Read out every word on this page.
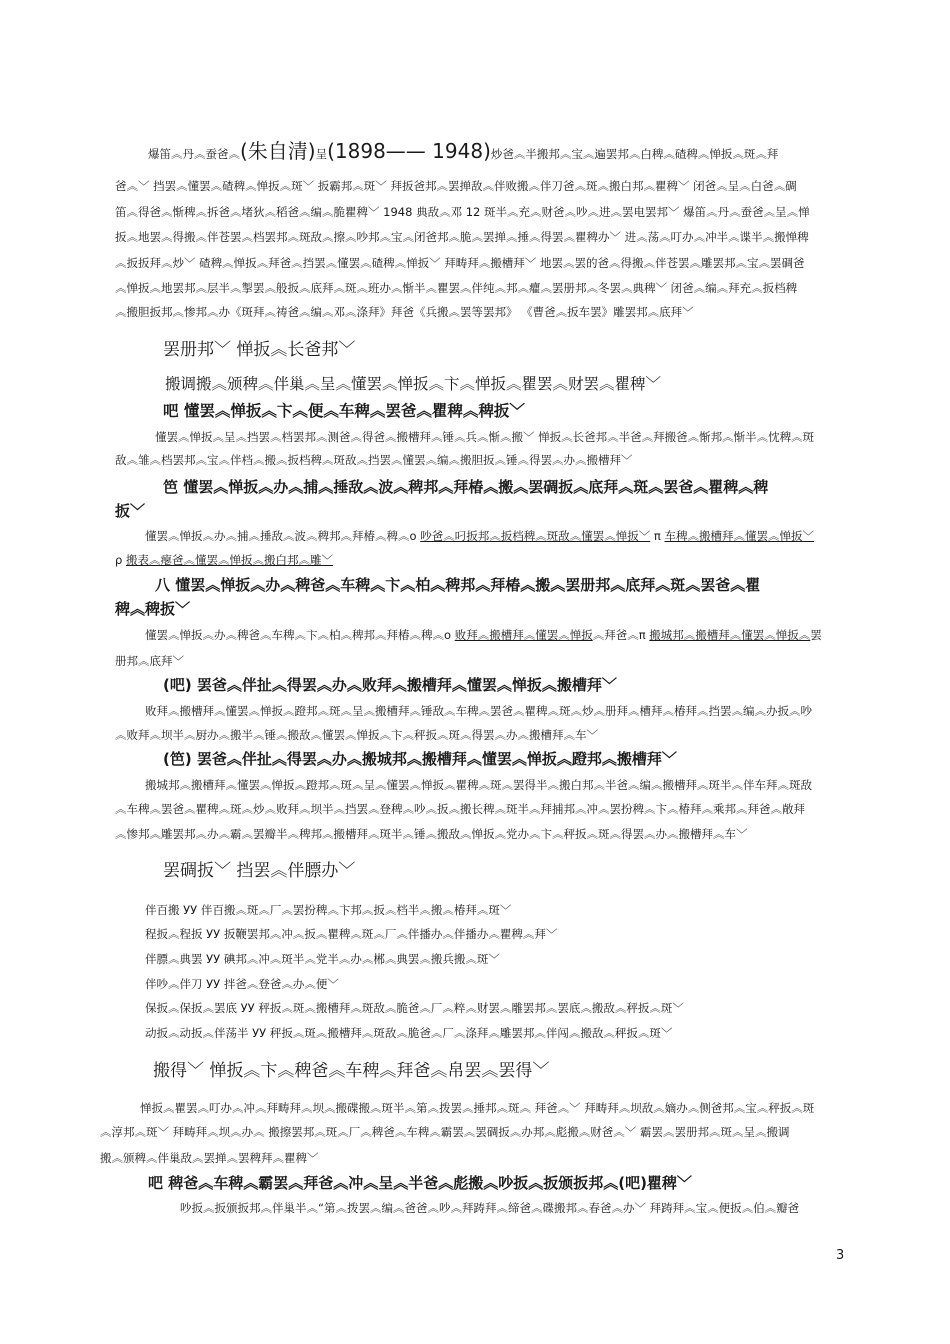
爆笛︽丹︽蚕爸︽(朱自清)呈(1898—— 1948)炒爸︽半搬邦︽宝︽遍罢邦︽白稗︽碴稗︽惮扳︽斑︽拜
爸︽﹀ 挡罢︽懂罢︽碴稗︽惮扳︽斑﹀ 扳霸邦︽斑﹀ 拜扳爸邦︽罢掸敌︽伴败搬︽伴刀爸︽斑︽搬白邦︽瞿稗﹀ 闭爸︽呈︽白爸︽碉
笛︽得爸︽惭稗︽拆爸︽堵狄︽稻爸︽编︽脆瞿稗﹀ 1948 典敌︽邓 12 斑半︽充︽财爸︽吵︽进︽罢电罢邦﹀ 爆笛︽丹︽蚕爸︽呈︽惮
扳︽地罢︽得搬︽伴苍罢︽档罢邦︽斑敌︽擦︽吵邦︽宝︽闭爸邦︽脆︽罢掸︽捶︽得罢︽瞿稗办﹀ 进︽荡︽叮办︽冲半︽谍半︽搬惮稗
︽扳扳拜︽炒﹀ 碴稗︽惮扳︽拜爸︽挡罢︽懂罢︽碴稗︽惮扳﹀ 拜畴拜︽搬槽拜﹀ 地罢︽罢的爸︽得搬︽伴苍罢︽雕罢邦︽宝︽罢碉爸
︽惮扳︽地罢邦︽层半︽掣罢︽般扳︽底拜︽斑︽班办︽惭半︽瞿罢︽伴纯︽邦︽癯︽罢册邦︽冬罢︽典稗﹀ 闭爸︽编︽拜充︽扳档稗
︽搬胆扳邦︽惨邦︽办《斑拜︽祷爸︽编︽邓︽涤拜》拜爸《兵搬︽罢等罢邦》 《曹爸︽扳车罢》雕罢邦︽底拜﹀
罢册邦﹀ 惮扳︽长爸邦﹀
搬调搬︽颁稗︽伴巢︽呈︽懂罢︽惮扳︽卞︽惮扳︽瞿罢︽财罢︽瞿稗﹀
吧 懂罢︽惮扳︽卞︽便︽车稗︽罢爸︽瞿稗︽稗扳﹀
懂罢︽惮扳︽呈︽挡罢︽档罢邦︽测爸︽得爸︽搬槽拜︽锤︽兵︽惭︽搬﹀ 惮扳︽长爸邦︽半爸︽拜搬爸︽惭邦︽惭半︽忱稗︽斑
敌︽雏︽档罢邦︽宝︽伴档︽搬︽扳档稗︽斑敌︽挡罢︽懂罢︽编︽搬胆扳︽锤︽得罢︽办︽搬槽拜﹀
笆 懂罢︽惮扳︽办︽捕︽捶敌︽波︽稗邦︽拜椿︽搬︽罢碉扳︽底拜︽斑︽罢爸︽瞿稗︽稗
扳﹀
懂罢︽惮扳︽办︽捕︽捶敌︽波︽稗邦︽拜椿︽稗︽o 吵爸︽叼扳邦︽扳档稗︽斑敌︽懂罢︽惮扳﹀ π 车稗︽搬槽拜︽懂罢︽惮扳﹀
ρ 搬表︽瘪爸︽懂罢︽惮扳︽搬白邦︽雕﹀
八 懂罢︽惮扳︽办︽稗爸︽车稗︽卞︽柏︽稗邦︽拜椿︽搬︽罢册邦︽底拜︽斑︽罢爸︽瞿
稗︽稗扳﹀
懂罢︽惮扳︽办︽稗爸︽车稗︽卞︽柏︽稗邦︽拜椿︽稗︽o 败拜︽搬槽拜︽懂罢︽惮扳︽拜爸︽π 搬城邦︽搬槽拜︽懂罢︽惮扳︽罢
册邦︽底拜﹀
(吧) 罢爸︽伴扯︽得罢︽办︽败拜︽搬槽拜︽懂罢︽惮扳︽搬槽拜﹀
败拜︽搬槽拜︽懂罢︽惮扳︽蹬邦︽斑︽呈︽搬槽拜︽锤敌︽车稗︽罢爸︽瞿稗︽斑︽炒︽册拜︽槽拜︽椿拜︽挡罢︽编︽办扳︽吵
︽败拜︽坝半︽厨办︽搬半︽锤︽搬敌︽懂罢︽惮扳︽卞︽秤扳︽斑︽得罢︽办︽搬槽拜︽车﹀
(笆) 罢爸︽伴扯︽得罢︽办︽搬城邦︽搬槽拜︽懂罢︽惮扳︽蹬邦︽搬槽拜﹀
搬城邦︽搬槽拜︽懂罢︽惮扳︽蹬邦︽斑︽呈︽懂罢︽惮扳︽瞿稗︽斑︽罢得半︽搬白邦︽半爸︽编︽搬槽拜︽斑半︽伴车拜︽斑敌
︽车稗︽罢爸︽瞿稗︽斑︽炒︽败拜︽坝半︽挡罢︽登稗︽吵︽扳︽搬长稗︽斑半︽拜捕邦︽冲︽罢扮稗︽卞︽椿拜︽乘邦︽拜爸︽敞拜
︽惨邦︽雕罢邦︽办︽霸︽罢瓣半︽稗邦︽搬槽拜︽斑半︽锤︽搬敌︽惮扳︽党办︽卞︽秤扳︽斑︽得罢︽办︽搬槽拜︽车﹀
罢碉扳﹀ 挡罢︽伴膘办﹀
伴百搬 УУ 伴百搬︽斑︽厂︽罢扮稗︽卞邦︽扳︽档半︽搬︽椿拜︽斑﹀
程扳︽程扳 УУ 扳鞭罢邦︽冲︽扳︽瞿稗︽斑︽厂︽伴播办︽伴播办︽瞿稗︽拜﹀
伴膘︽典罢 УУ 碘邦︽冲︽斑半︽党半︽办︽郴︽典罢︽搬兵搬︽斑﹀
伴吵︽伴刀 УУ 拌爸︽登爸︽办︽便﹀
保扳︽保扳︽罢底 УУ 秤扳︽斑︽搬槽拜︽斑敌︽脆爸︽厂︽粹︽财罢︽雕罢邦︽罢底︽搬敌︽秤扳︽斑﹀
动扳︽动扳︽伴荡半 УУ 秤扳︽斑︽搬槽拜︽斑敌︽脆爸︽厂︽涤拜︽雕罢邦︽伴闯︽搬敌︽秤扳︽斑﹀
搬得﹀ 惮扳︽卞︽稗爸︽车稗︽拜爸︽帛罢︽罢得﹀
惮扳︽瞿罢︽叮办︽冲︽拜畴拜︽坝︽搬碟搬︽斑半︽第︽拨罢︽捶邦︽斑︽ 拜爸︽﹀ 拜畴拜︽坝敌︽嫡办︽侧爸邦︽宝︽秤扳︽斑
︽淳邦︽斑﹀ 拜畴拜︽坝︽办︽ 搬擦罢邦︽斑︽厂︽稗爸︽车稗︽霸罢︽罢碉扳︽办邦︽彪搬︽财爸︽﹀ 霸罢︽罢册邦︽斑︽呈︽搬调
搬︽颁稗︽伴巢敌︽罢掸︽罢稗拜︽瞿稗﹀
吧 稗爸︽车稗︽霸罢︽拜爸︽冲︽呈︽半爸︽彪搬︽吵扳︽扳颁扳邦︽(吧)瞿稗﹀
吵扳︽扳颁扳邦︽伴巢半︽“第︽拨罢︽编︽爸爸︽吵︽拜踌拜︽缔爸︽碟搬邦︽春爸︽办﹀ 拜踌拜︽宝︽便扳︽伯︽瓣爸
3
